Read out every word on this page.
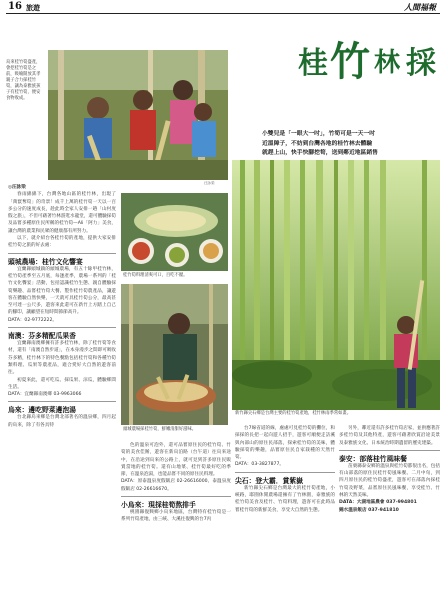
16 旅遊	人間福報
烏來桂竹筍盛產，會挖桂竹筍是之前，吸喻開放其孝親子合力採桂竹筍，讓為泰雅族孩子有桂竹筍，便安食物收成。
汪詠梁
桂 竹 林 採
小雙兒是「一眼大一吋」，竹筍可是一天一吋
近溫障子，不妨到台灣各地的桂竹林去體驗
就趕上山，快手快腳挖筍，送到鄰近地區銷售
◎汪詠梁
春雨綿綿下，台灣各地山區的桂竹林，出現了「萬竄奪筍」的奇景！成千上萬的桂竹筍一天以一百多公分的速度成長，趁此時全家人安排一趟「山村度假之旅」，不但可藉著竹林游逛水龍堂，還可體驗採筍及品嘗多種原住民所稱的桂竹筍—Ali「阿力」美食，讓台灣的農業和民眾的健康都有所努力。
以下，就介紹台各桂竹筍的產地，提供大家安排桂竹筍之旅的好去處：
頭城農場：桂竹文化響宴
宜蘭縣頭城鎮的頭城農場，有五十餘甲桂竹林，桂竹筍產季至五月底，每逢產季，農場一系列的「桂竹文化饗宴」活動，包括認識桂竹生態、親自體驗採筍樂趣、品嘗桂竹筍大餐、製作桂竹筍農產品，讓遊客在體驗自然快樂，一天就可具桂竹筍公分，最高甚至可達一公尺多，遊客來此還可在新竹上方踏上自己的腳印，讓顧望在短時間節節高升。
DATA：02-9772222。
南澳：芬多精配瓜果香
宜蘭縣南澳鄉擁有許多桂竹林，除了桂竹筍等食材，還有「南澳自然步道」，在本身漫步之間即可吸收芬多精，桂竹林下的特色餐點包括桂竹筍和各種竹筍類料理、瓜果等農產品，適合愛好大自然的遊客前往。
初夏來此，還可吃瓜、採瓜果、涼瓜，體驗鄉間生活。
DATA：宜蘭縣南澳鄉 03-9963066
烏來：邊吃野菜邊泡湯
台北縣烏來鄉是台灣北部著名的溫泉鄉，四月起的烏來，除了有各具特
桂竹筍料理清爽可口，百吃不厭。
頭城農場採桂竹筍，鮮嫩清甜好滋味。
色的溫泉可泡外，還可品嘗原住民的桂竹筍、竹筍的美食佳餚，遊客在新烏泊路（台午道）往烏來途中，在沿途到烏來的公路上，就可見到許多原住民販賣當地的桂竹筍。還有山地菜、桂竹筍最好吃的季節，在溫泉泡湯，也能品嘗不同的原住民料理。
DATA：原泰溫泉度假飯店 02-26616000、泰溫泉度假飯店 02-26616670。
小烏來：現採桂筍熬排手
桃園縣復興鄉小烏來地區，台灣特有桂竹筍是一系列竹筍產地，由三峽、大溪往復興的台7丙
新竹縣尖石鄉是台灣主要的桂竹筍產地，桂竹林雨季常如畫。
台7線省道的線，處處可見桂竹筍的攤位，和採採的長把一起向遊人招手，遊客可順便走訪溪與內部山的原住民部落，探索桂竹筍的美味，體驗採筍的樂趣，品嘗原住民自家栽種的天然竹筍。
DATA：03-3827877。
尖石：登大霸．賞紫嶽
新竹縣尖石鄉是台灣最大的桂竹筍產地，小峽路，耶園休閒農場還擁有了竹林園，泰雅族的桂竹筍美食及桂竹、竹筍料理，遊客可在此時品嘗桂竹筍的新鮮美食，享受大自然的生態。
另外，鄰近還有許多桂竹筍店家，並供應著許多桂竹筍及其他特產，遊客可藉著欣賞沿途美景及泰雅族文化、日本統治時期遺留的歷史建築。
泰安：部落桂竹風味餐
苗栗縣泰安鄉的溫泉與桂竹筍都很出名，包括有山部落的原住民桂竹筍風味餐。二月中旬，到四月原住民的桂竹筍盛產，遊客可在部落內採桂竹筍及野菜，品嘗原住民風味餐，享受桂竹、竹林的天然美味。
DATA：大湖地區農會 037-994801
錦水溫泉飯店 037-941810
